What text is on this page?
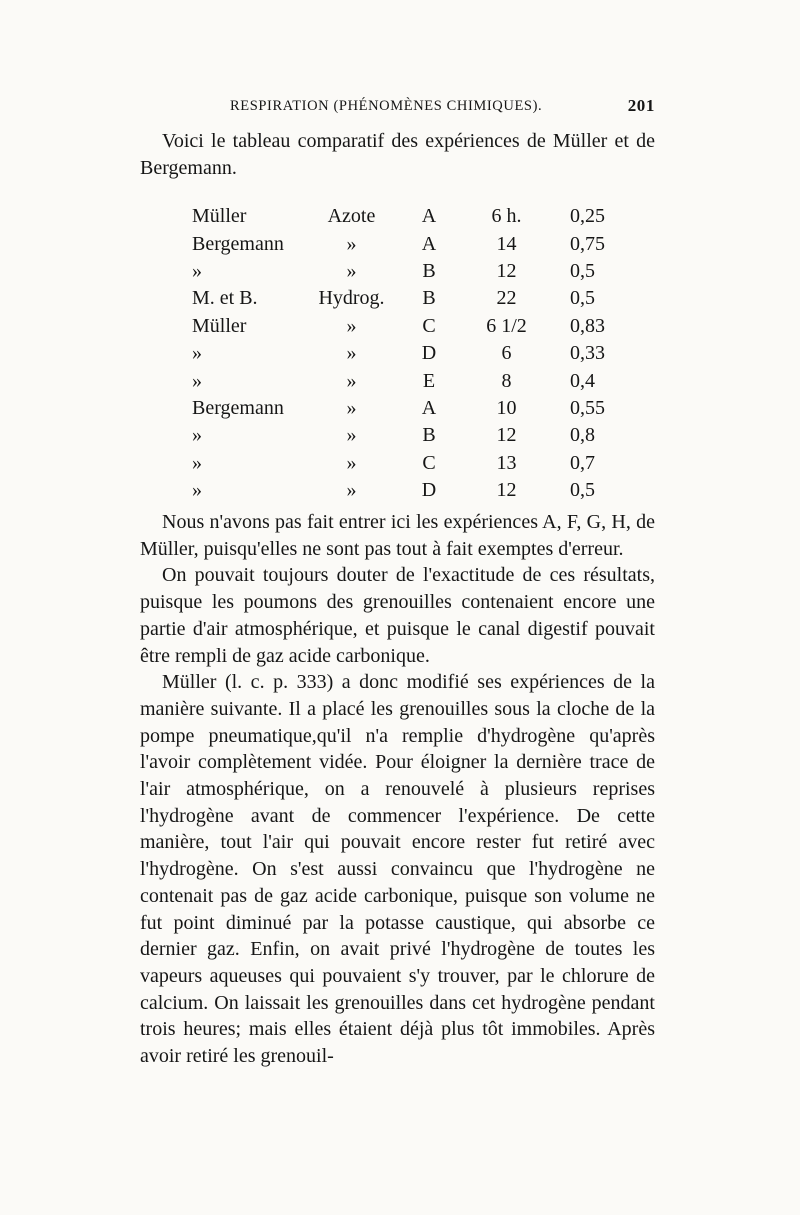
RESPIRATION (PHÉNOMÈNES CHIMIQUES).	201

Voici le tableau comparatif des expériences de Müller et de Bergemann.

Müller	Azote	A	6 h.	0,25
Bergemann	»	A	14	0,75
»	»	B	12	0,5
M. et B.	Hydrog.	B	22	0,5
Müller	»	C	6 1/2	0,83
»	»	D	6	0,33
»	»	E	8	0,4
Bergemann	»	A	10	0,55
»	»	B	12	0,8
»	»	C	13	0,7
»	»	D	12	0,5

Nous n'avons pas fait entrer ici les expériences A, F, G, H, de Müller, puisqu'elles ne sont pas tout à fait exemptes d'erreur.

On pouvait toujours douter de l'exactitude de ces résultats, puisque les poumons des grenouilles contenaient encore une partie d'air atmosphérique, et puisque le canal digestif pouvait être rempli de gaz acide carbonique.

Müller (l. c. p. 333) a donc modifié ses expériences de la manière suivante. Il a placé les grenouilles sous la cloche de la pompe pneumatique,qu'il n'a remplie d'hydrogène qu'après l'avoir complètement vidée. Pour éloigner la dernière trace de l'air atmosphérique, on a renouvelé à plusieurs reprises l'hydrogène avant de commencer l'expérience. De cette manière, tout l'air qui pouvait encore rester fut retiré avec l'hydrogène. On s'est aussi convaincu que l'hydrogène ne contenait pas de gaz acide carbonique, puisque son volume ne fut point diminué par la potasse caustique, qui absorbe ce dernier gaz. Enfin, on avait privé l'hydrogène de toutes les vapeurs aqueuses qui pouvaient s'y trouver, par le chlorure de calcium. On laissait les grenouilles dans cet hydrogène pendant trois heures; mais elles étaient déjà plus tôt immobiles. Après avoir retiré les grenouil-
